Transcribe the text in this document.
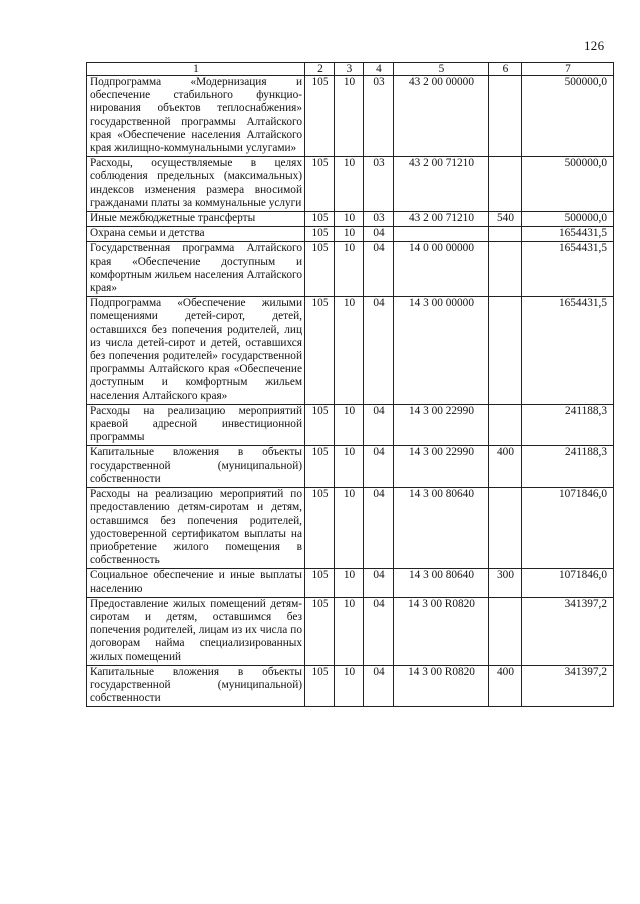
126
1	2	3	4	5	6	7
Подпрограмма «Модернизация и обеспечение стабильного функционирования объектов теплоснабжения» государственной программы Алтайского края «Обеспечение населения Алтайского края жилищно-коммунальными услугами»	105	10	03	43 2 00 00000		500000,0
Расходы, осуществляемые в целях соблюдения предельных (максимальных) индексов изменения размера вносимой гражданами платы за коммунальные услуги	105	10	03	43 2 00 71210		500000,0
Иные межбюджетные трансферты	105	10	03	43 2 00 71210	540	500000,0
Охрана семьи и детства	105	10	04			1654431,5
Государственная программа Алтайского края «Обеспечение доступным и комфортным жильем населения Алтайского края»	105	10	04	14 0 00 00000		1654431,5
Подпрограмма «Обеспечение жилыми помещениями детей-сирот, детей, оставшихся без попечения родителей, лиц из числа детей-сирот и детей, оставшихся без попечения родителей» государственной программы Алтайского края «Обеспечение доступным и комфортным жильем населения Алтайского края»	105	10	04	14 3 00 00000		1654431,5
Расходы на реализацию мероприятий краевой адресной инвестиционной программы	105	10	04	14 3 00 22990		241188,3
Капитальные вложения в объекты государственной (муниципальной) собственности	105	10	04	14 3 00 22990	400	241188,3
Расходы на реализацию мероприятий по предоставлению детям-сиротам и детям, оставшимся без попечения родителей, удостоверенной сертификатом выплаты на приобретение жилого помещения в собственность	105	10	04	14 3 00 80640		1071846,0
Социальное обеспечение и иные выплаты населению	105	10	04	14 3 00 80640	300	1071846,0
Предоставление жилых помещений детям-сиротам и детям, оставшимся без попечения родителей, лицам из их числа по договорам найма специализированных жилых помещений	105	10	04	14 3 00 R0820		341397,2
Капитальные вложения в объекты государственной (муниципальной) собственности	105	10	04	14 3 00 R0820	400	341397,2
